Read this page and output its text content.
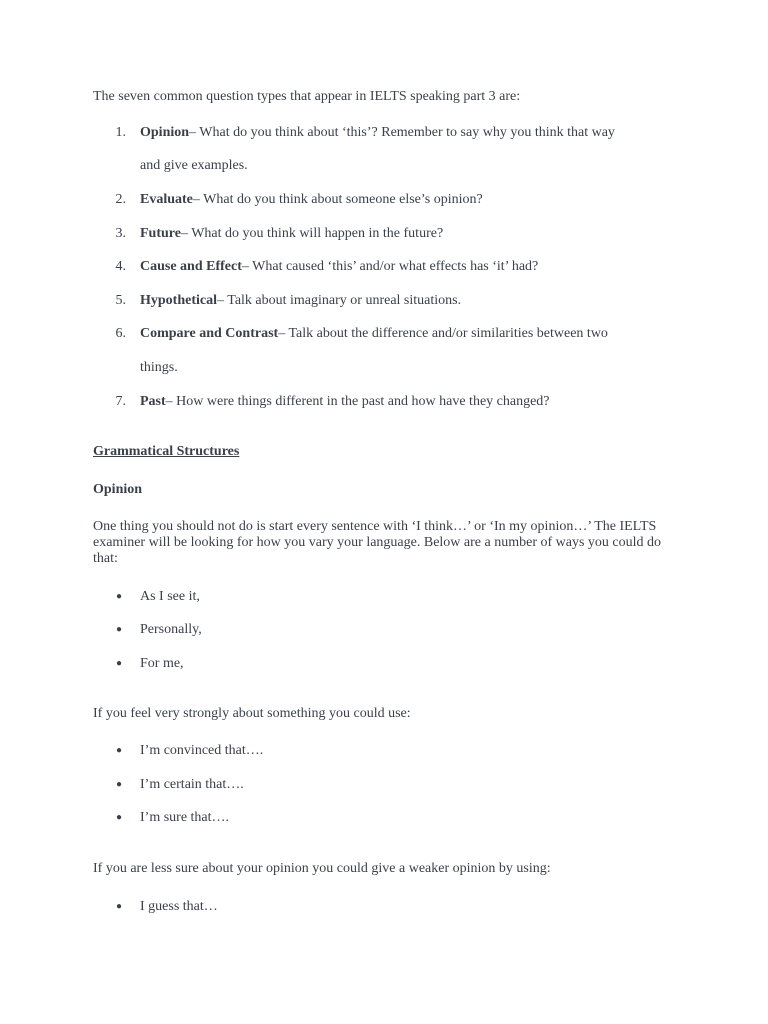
The seven common question types that appear in IELTS speaking part 3 are:
1. Opinion– What do you think about ‘this’? Remember to say why you think that way
and give examples.
2. Evaluate– What do you think about someone else’s opinion?
3. Future– What do you think will happen in the future?
4. Cause and Effect– What caused ‘this’ and/or what effects has ‘it’ had?
5. Hypothetical– Talk about imaginary or unreal situations.
6. Compare and Contrast– Talk about the difference and/or similarities between two
things.
7. Past– How were things different in the past and how have they changed?
Grammatical Structures
Opinion
One thing you should not do is start every sentence with ‘I think…’ or ‘In my opinion…’ The IELTS examiner will be looking for how you vary your language. Below are a number of ways you could do that:
● As I see it,
● Personally,
● For me,
If you feel very strongly about something you could use:
● I’m convinced that….
● I’m certain that….
● I’m sure that….
If you are less sure about your opinion you could give a weaker opinion by using:
● I guess that…
